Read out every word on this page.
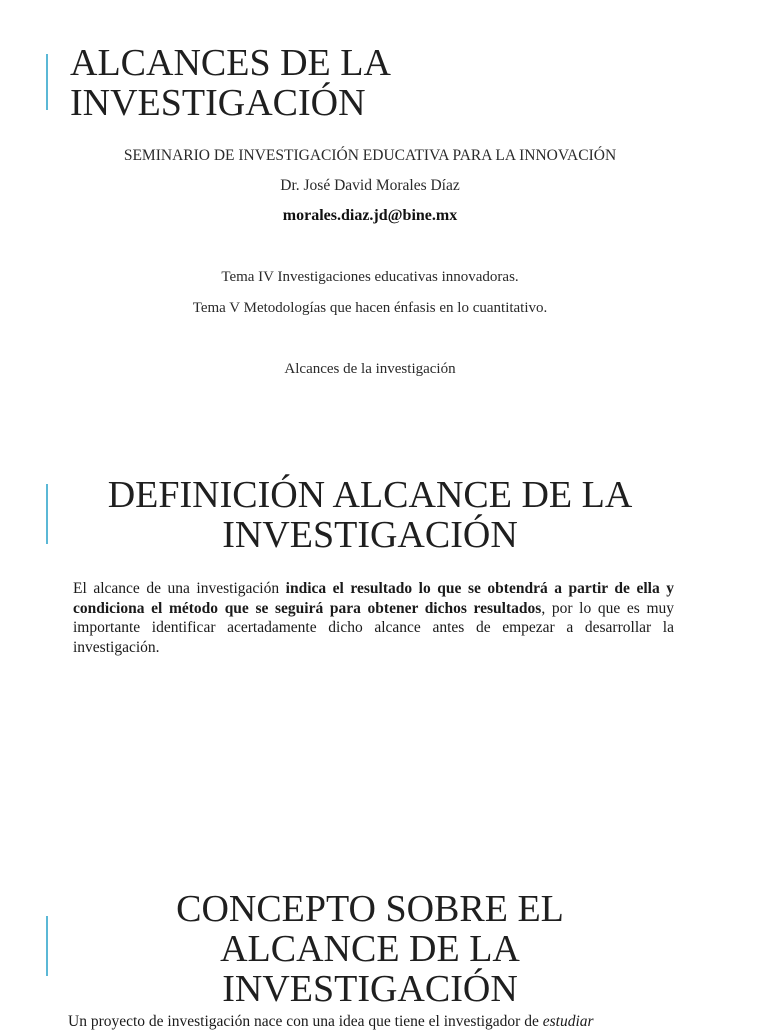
ALCANCES DE LA
INVESTIGACIÓN

SEMINARIO DE INVESTIGACIÓN EDUCATIVA PARA LA INNOVACIÓN

Dr. José David Morales Díaz

morales.diaz.jd@bine.mx

Tema IV Investigaciones educativas innovadoras.

Tema V Metodologías que hacen énfasis en lo cuantitativo.

Alcances de la investigación

DEFINICIÓN ALCANCE DE LA
INVESTIGACIÓN

El alcance de una investigación indica el resultado lo que se obtendrá a partir de ella y condiciona el método que se seguirá para obtener dichos resultados, por lo que es muy importante identificar acertadamente dicho alcance antes de empezar a desarrollar la investigación.

CONCEPTO SOBRE EL
ALCANCE DE LA
INVESTIGACIÓN

Un proyecto de investigación nace con una idea que tiene el investigador de estudiar
